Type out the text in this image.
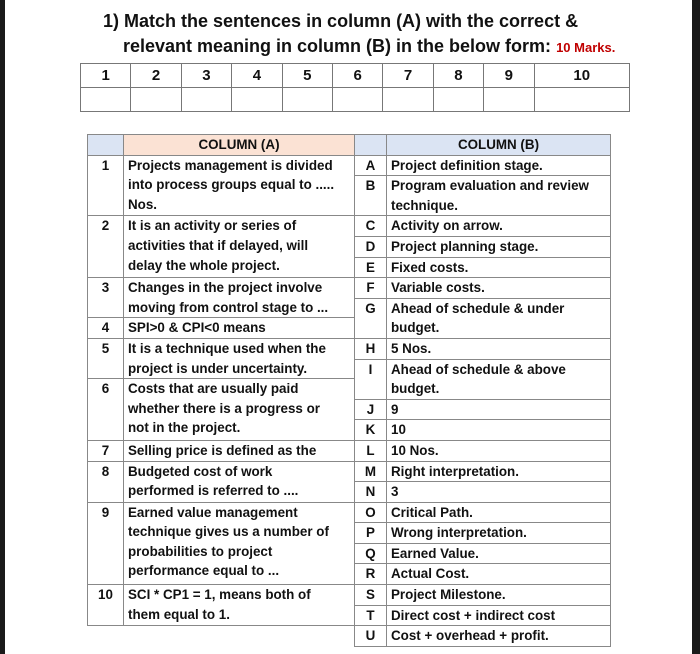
1) Match the sentences in column (A) with the correct &

relevant meaning in column (B) in the below form: 10 Marks.
1	2	3	4	5	6	7	8	9	10

	COLUMN (A)		COLUMN (B)
1	Projects management is divided
into process groups equal to .....
Nos.	A	Project definition stage.

		B	Program evaluation and review
technique.

2	It is an activity or series of
activities that if delayed, will
delay the whole project.	C	Activity on arrow.

		D	Project planning stage.

		E	Fixed costs.

3	Changes in the project involve
moving from control stage to ...	F	Variable costs.

		G	Ahead of schedule & under
budget.

4	SPI>0 & CPI<0 means		

5	It is a technique used when the
project is under uncertainty.	H	5 Nos.

		I	Ahead of schedule & above
budget.

6	Costs that are usually paid
whether there is a progress or
not in the project.		

		J	9

		K	10

7	Selling price is defined as the	L	10 Nos.

8	Budgeted cost of work
performed is referred to ....	M	Right interpretation.

		N	3

9	Earned value management
technique gives us a number of
probabilities to project
performance equal to ...	O	Critical Path.

		P	Wrong interpretation.

		Q	Earned Value.

		R	Actual Cost.

10	SCI * CP1 = 1, means both of
them equal to 1.	S	Project Milestone.

		T	Direct cost + indirect cost

		U	Cost + overhead + profit.
